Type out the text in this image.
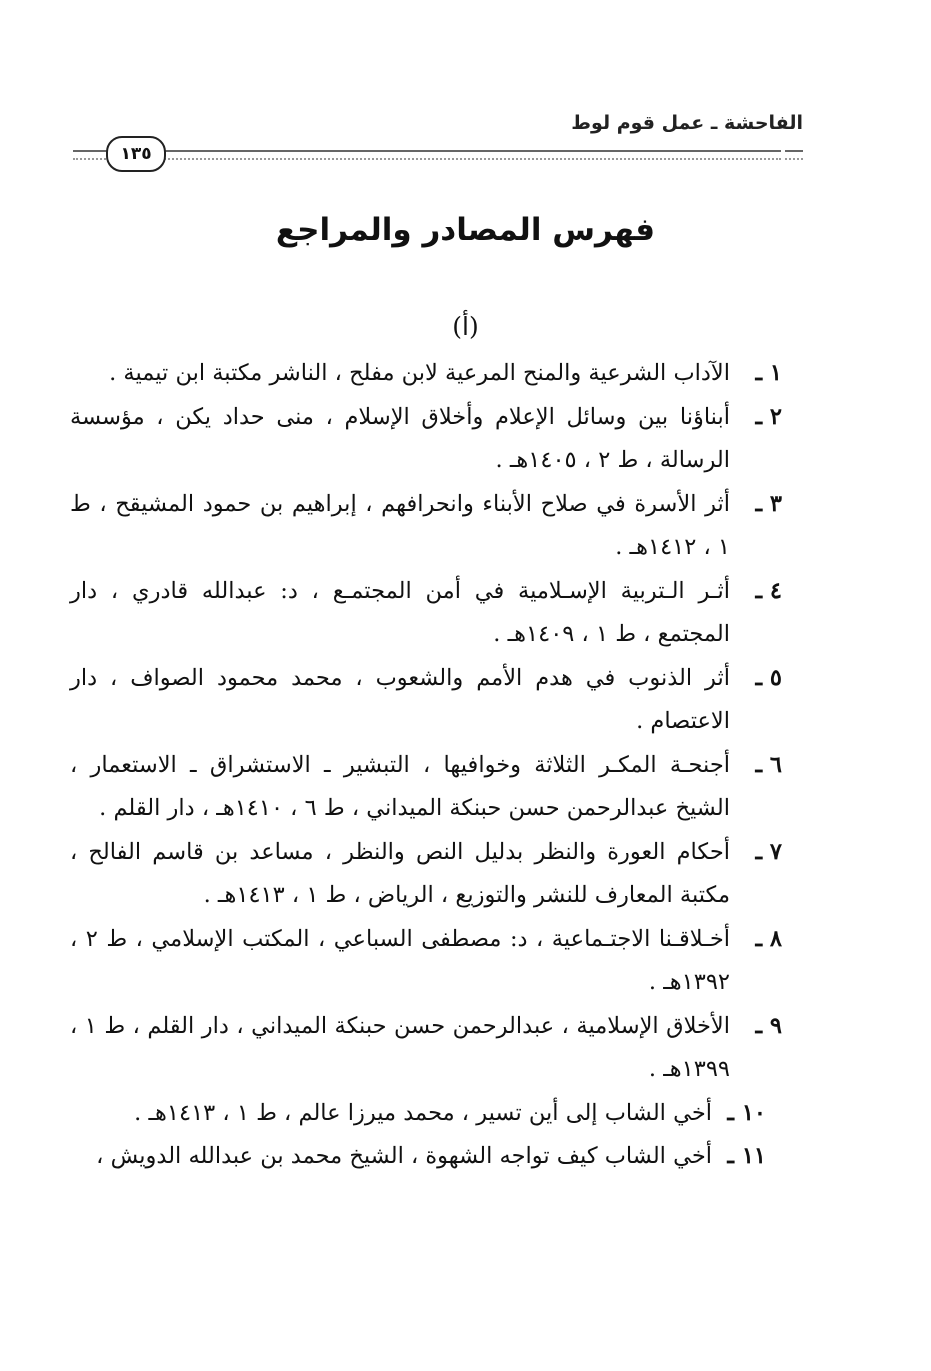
الفاحشة ـ عمل قوم لوط
١٣٥
فهرس المصادر والمراجع
(أ)
١ ـ
الآداب الشرعية والمنح المرعية لابن مفلح ، الناشر مكتبة ابن تيمية .
٢ ـ
أبناؤنا بين وسائل الإعلام وأخلاق الإسلام ، منى حداد يكن ، مؤسسة الرسالة ، ط ٢ ، ١٤٠٥هـ .
٣ ـ
أثر الأسرة في صلاح الأبناء وانحرافهم ، إبراهيم بن حمود المشيقح ، ط ١ ، ١٤١٢هـ .
٤ ـ
أثـر الـتربية الإسـلامية في أمن المجتمـع ، د: عبدالله قادري ، دار المجتمع ، ط ١ ، ١٤٠٩هـ .
٥ ـ
أثر الذنوب في هدم الأمم والشعوب ، محمد محمود الصواف ، دار الاعتصام .
٦ ـ
أجنحـة المكـر الثلاثة وخوافيها ، التبشير ـ الاستشراق ـ الاستعمار ، الشيخ عبدالرحمن حسن حبنكة الميداني ، ط ٦ ، ١٤١٠هـ ، دار القلم .
٧ ـ
أحكام العورة والنظر بدليل النص والنظر ، مساعد بن قاسم الفالح ، مكتبة المعارف للنشر والتوزيع ، الرياض ، ط ١ ، ١٤١٣هـ .
٨ ـ
أخـلاقـنا الاجتـماعية ، د: مصطفى السباعي ، المكتب الإسلامي ، ط ٢ ، ١٣٩٢هـ .
٩ ـ
الأخلاق الإسلامية ، عبدالرحمن حسن حبنكة الميداني ، دار القلم ، ط ١ ، ١٣٩٩هـ .
١٠ ـ
أخي الشاب إلى أين تسير ، محمد ميرزا عالم ، ط ١ ، ١٤١٣هـ .
١١ ـ
أخي الشاب كيف تواجه الشهوة ، الشيخ محمد بن عبدالله الدويش ،
